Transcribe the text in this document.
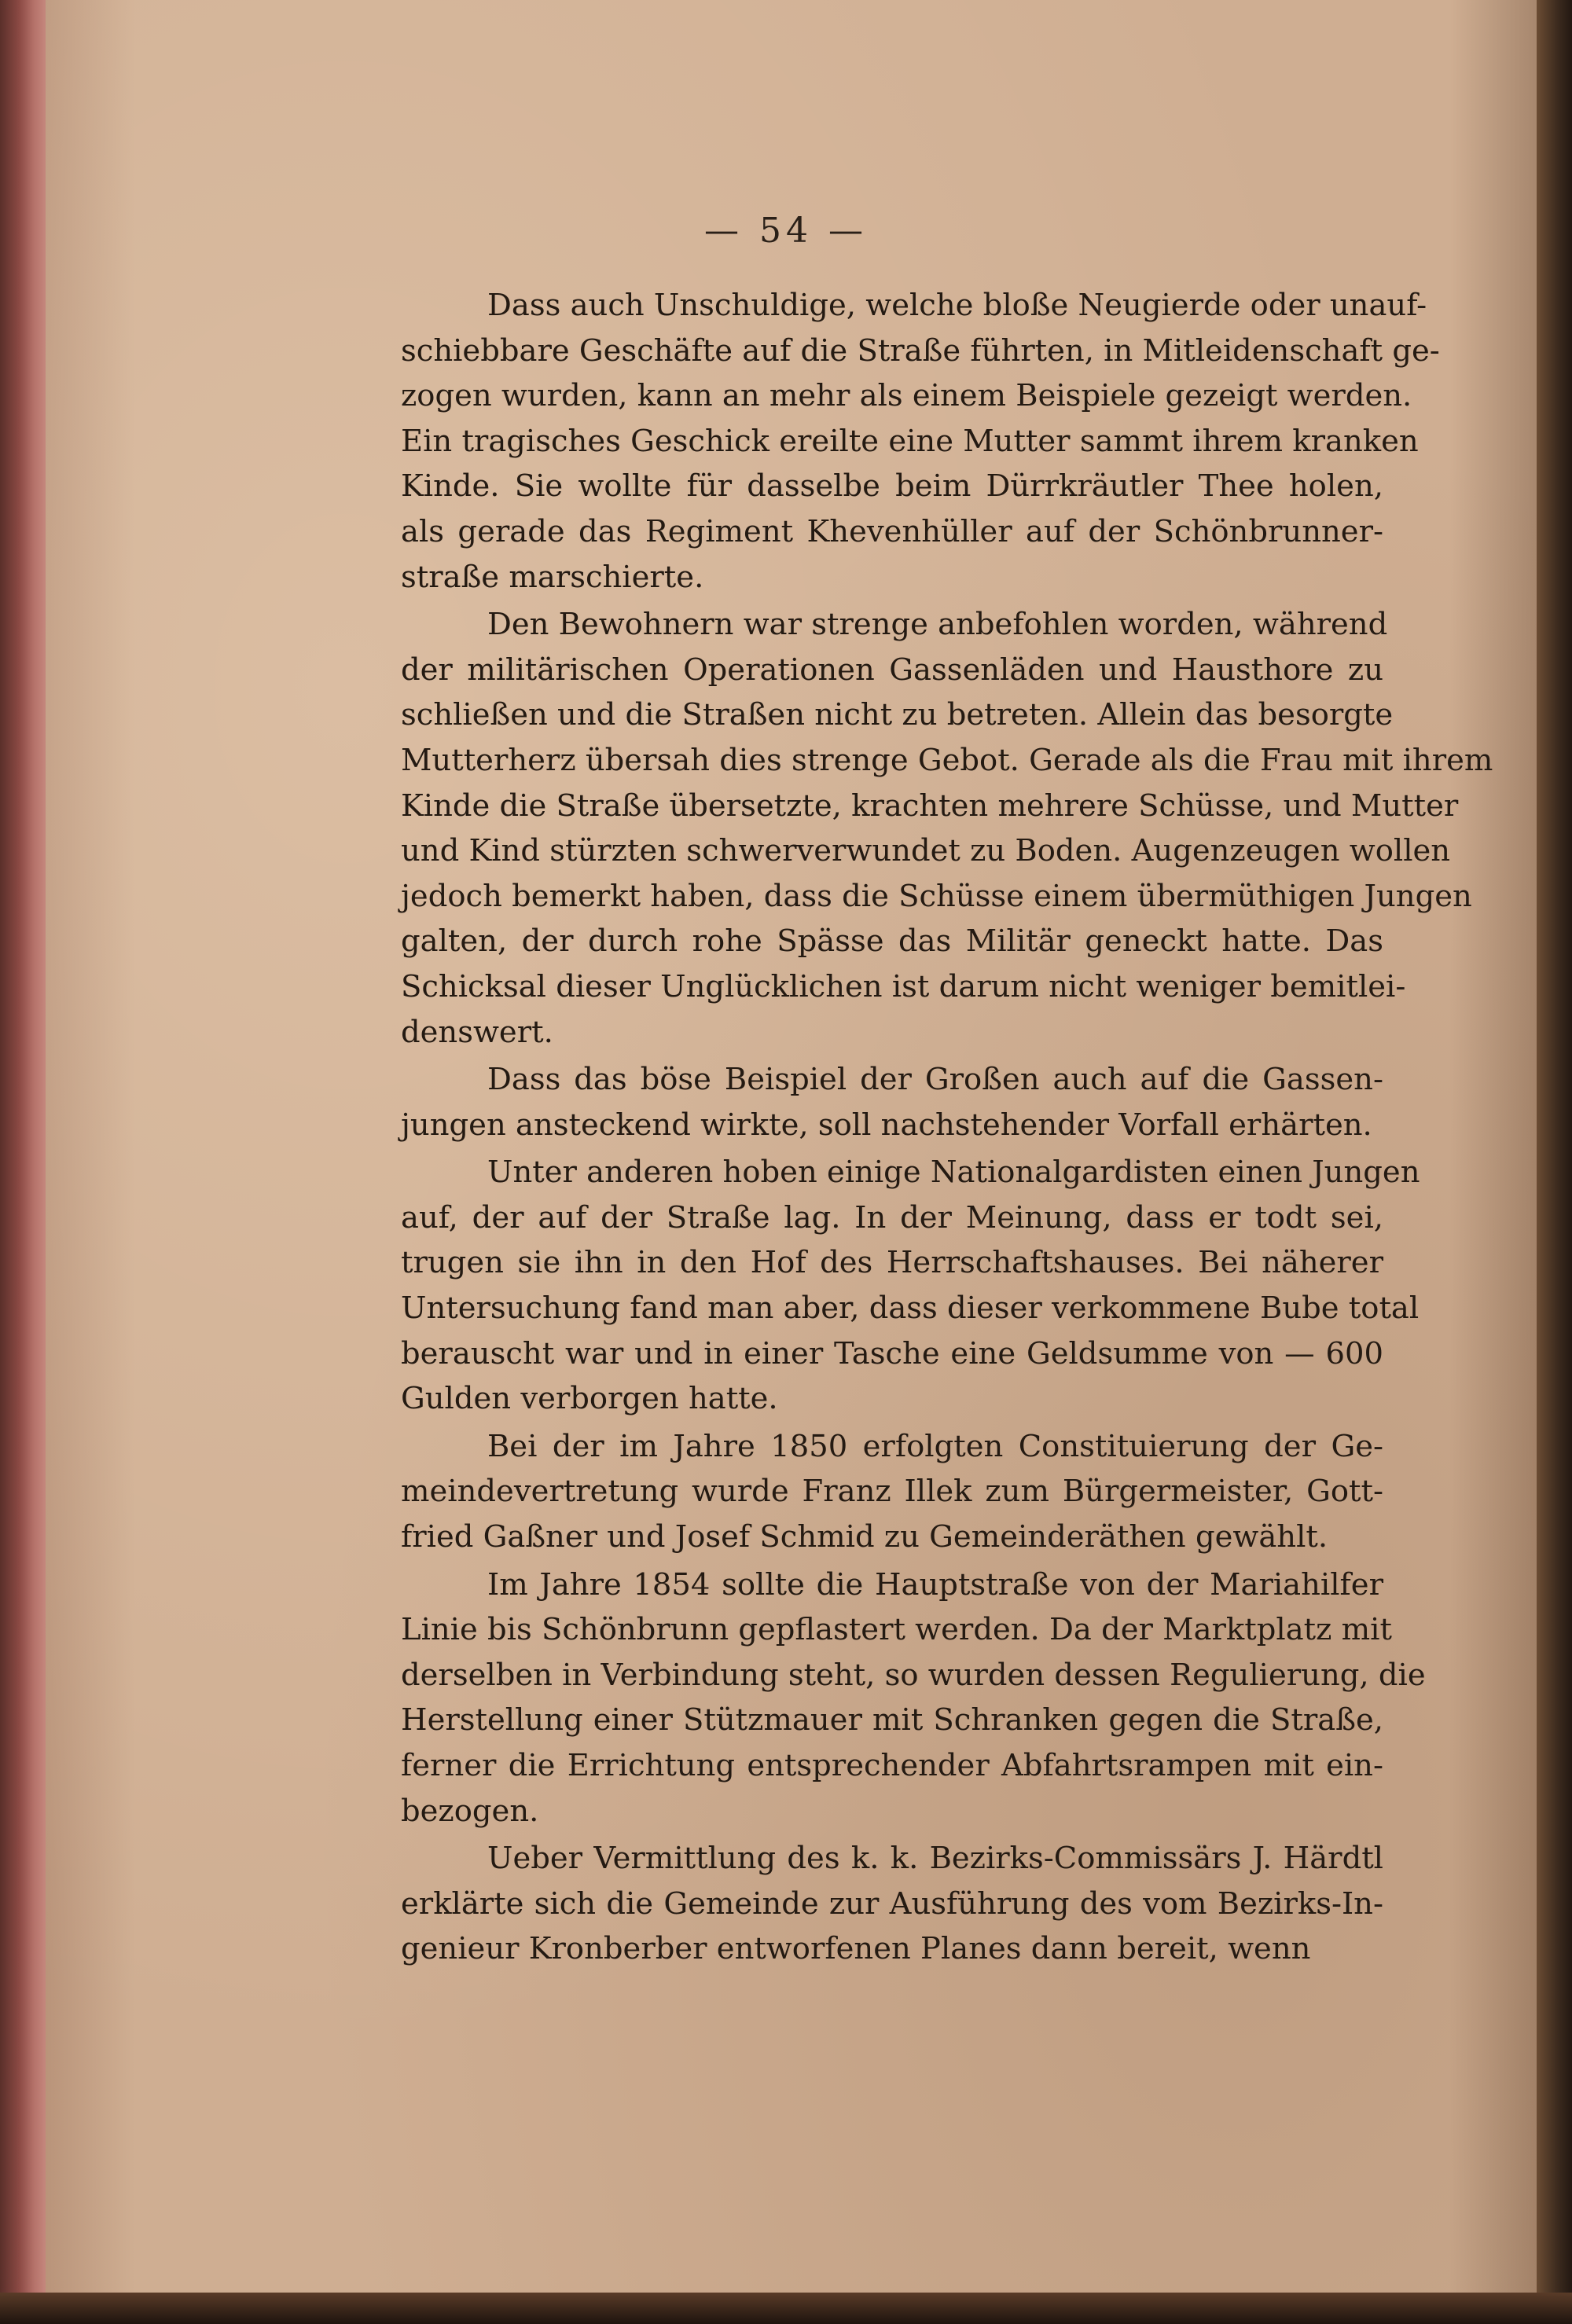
— 54 —
Dass auch Unschuldige, welche bloße Neugierde oder unauf-
schiebbare Geschäfte auf die Straße führten, in Mitleidenschaft ge-
zogen wurden, kann an mehr als einem Beispiele gezeigt werden.
Ein tragisches Geschick ereilte eine Mutter sammt ihrem kranken
Kinde. Sie wollte für dasselbe beim Dürrkräutler Thee holen,
als gerade das Regiment Khevenhüller auf der Schönbrunner-
straße marschierte.
Den Bewohnern war strenge anbefohlen worden, während
der militärischen Operationen Gassenläden und Hausthore zu
schließen und die Straßen nicht zu betreten. Allein das besorgte
Mutterherz übersah dies strenge Gebot. Gerade als die Frau mit ihrem
Kinde die Straße übersetzte, krachten mehrere Schüsse, und Mutter
und Kind stürzten schwerverwundet zu Boden. Augenzeugen wollen
jedoch bemerkt haben, dass die Schüsse einem übermüthigen Jungen
galten, der durch rohe Spässe das Militär geneckt hatte. Das
Schicksal dieser Unglücklichen ist darum nicht weniger bemitlei-
denswert.
Dass das böse Beispiel der Großen auch auf die Gassen-
jungen ansteckend wirkte, soll nachstehender Vorfall erhärten.
Unter anderen hoben einige Nationalgardisten einen Jungen
auf, der auf der Straße lag. In der Meinung, dass er todt sei,
trugen sie ihn in den Hof des Herrschaftshauses. Bei näherer
Untersuchung fand man aber, dass dieser verkommene Bube total
berauscht war und in einer Tasche eine Geldsumme von — 600
Gulden verborgen hatte.
Bei der im Jahre 1850 erfolgten Constituierung der Ge-
meindevertretung wurde Franz Illek zum Bürgermeister, Gott-
fried Gaßner und Josef Schmid zu Gemeinderäthen gewählt.
Im Jahre 1854 sollte die Hauptstraße von der Mariahilfer
Linie bis Schönbrunn gepflastert werden. Da der Marktplatz mit
derselben in Verbindung steht, so wurden dessen Regulierung, die
Herstellung einer Stützmauer mit Schranken gegen die Straße,
ferner die Errichtung entsprechender Abfahrtsrampen mit ein-
bezogen.
Ueber Vermittlung des k. k. Bezirks-Commissärs J. Härdtl
erklärte sich die Gemeinde zur Ausführung des vom Bezirks-In-
genieur Kronberber entworfenen Planes dann bereit, wenn
